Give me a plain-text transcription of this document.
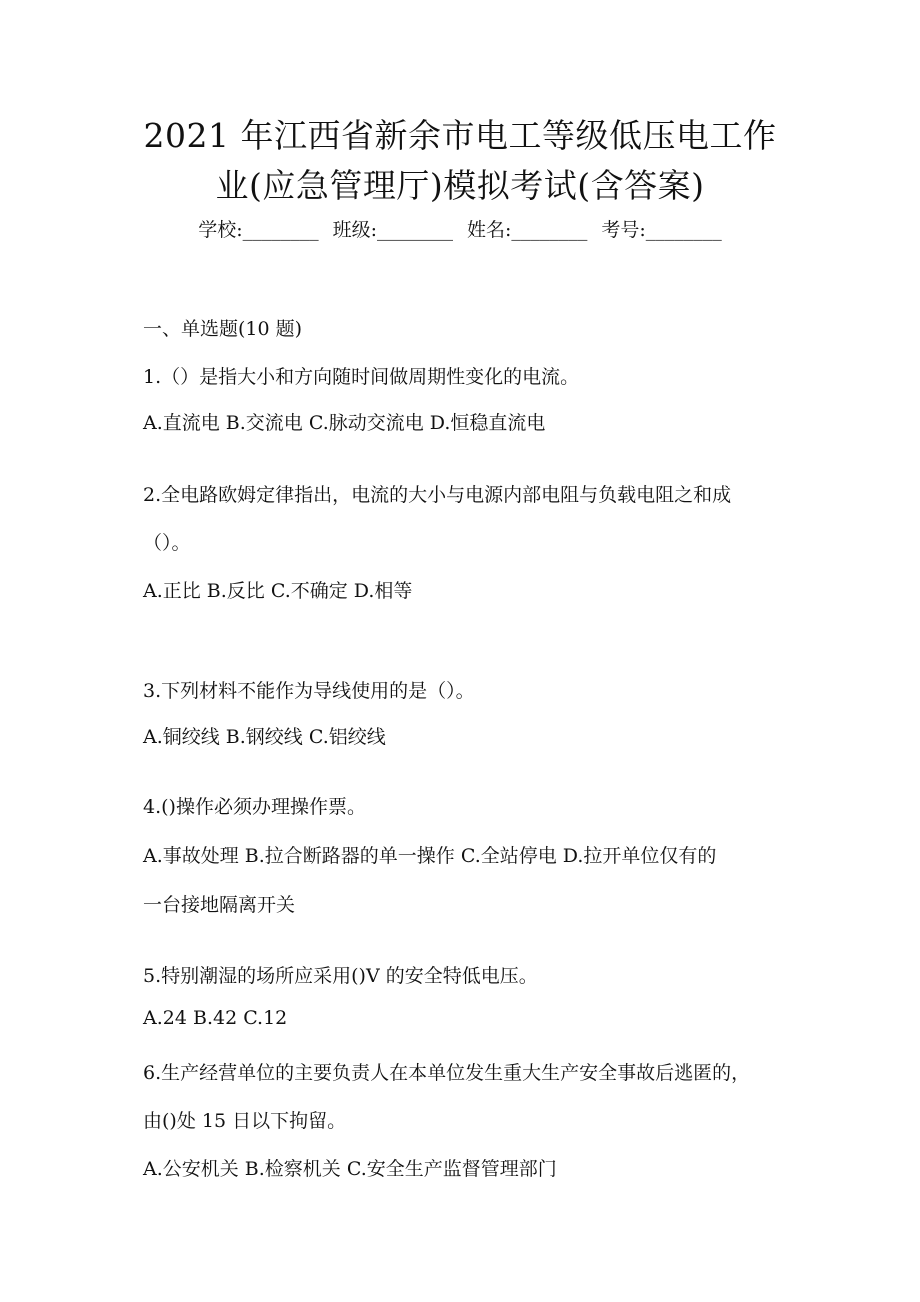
2021 年江西省新余市电工等级低压电工作
业(应急管理厅)模拟考试(含答案)
学校:________ 班级:________ 姓名:________ 考号:________
一、单选题(10 题)
1.（）是指大小和方向随时间做周期性变化的电流。
A.直流电 B.交流电 C.脉动交流电 D.恒稳直流电
2.全电路欧姆定律指出，电流的大小与电源内部电阻与负载电阻之和成
（）。
A.正比 B.反比 C.不确定 D.相等
3.下列材料不能作为导线使用的是（）。
A.铜绞线 B.钢绞线 C.铝绞线
4.()操作必须办理操作票。
A.事故处理 B.拉合断路器的单一操作 C.全站停电 D.拉开单位仅有的
一台接地隔离开关
5.特别潮湿的场所应采用()V 的安全特低电压。
A.24 B.42 C.12
6.生产经营单位的主要负责人在本单位发生重大生产安全事故后逃匿的，
由()处 15 日以下拘留。
A.公安机关 B.检察机关 C.安全生产监督管理部门
